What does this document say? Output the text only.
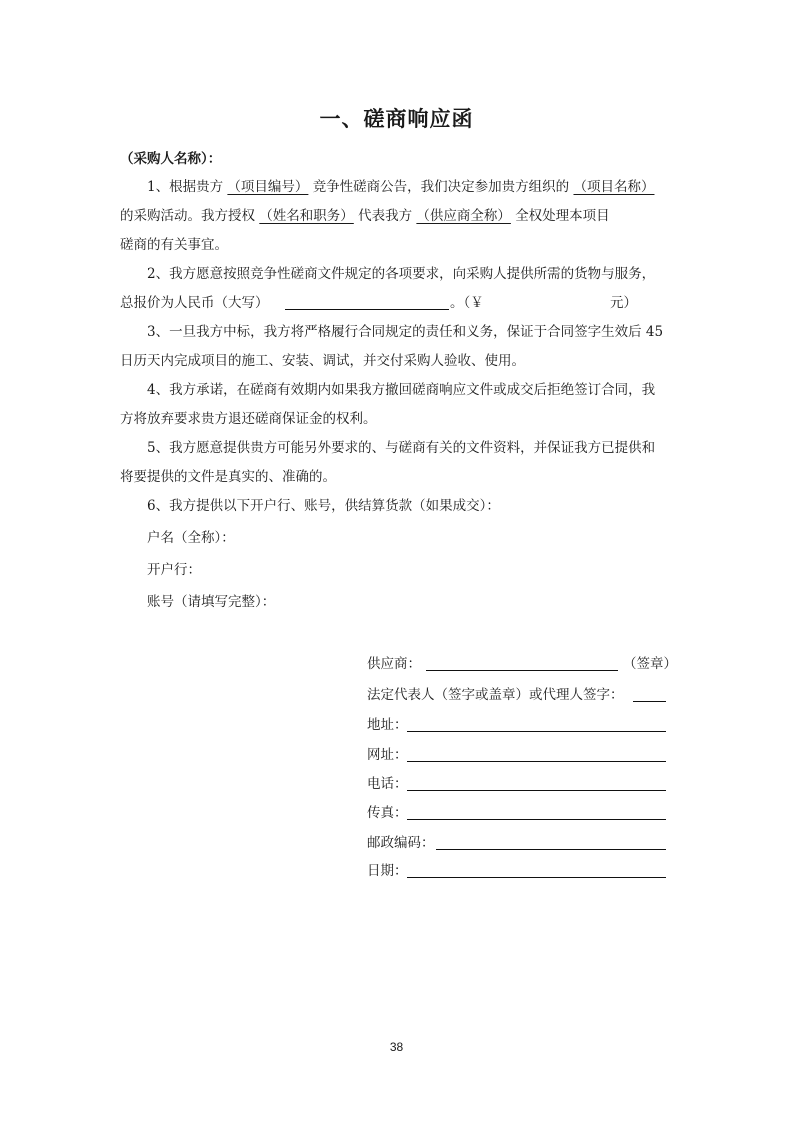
一、磋商响应函
（采购人名称）：
1、根据贵方 （项目编号） 竞争性磋商公告，我们决定参加贵方组织的 （项目名称）
的采购活动。我方授权 （姓名和职务） 代表我方 （供应商全称） 全权处理本项目
磋商的有关事宜。
2、我方愿意按照竞争性磋商文件规定的各项要求，向采购人提供所需的货物与服务，
总报价为人民币（大写）	。（￥	元）
3、一旦我方中标，我方将严格履行合同规定的责任和义务，保证于合同签字生效后 45
日历天内完成项目的施工、安装、调试，并交付采购人验收、使用。
4、我方承诺，在磋商有效期内如果我方撤回磋商响应文件或成交后拒绝签订合同，我
方将放弃要求贵方退还磋商保证金的权利。
5、我方愿意提供贵方可能另外要求的、与磋商有关的文件资料，并保证我方已提供和
将要提供的文件是真实的、准确的。
6、我方提供以下开户行、账号，供结算货款（如果成交）：
户名（全称）：
开户行：
账号（请填写完整）：
供应商：	（签章）
法定代表人（签字或盖章）或代理人签字：
地址：
网址：
电话：
传真：
邮政编码：
日期：
38
